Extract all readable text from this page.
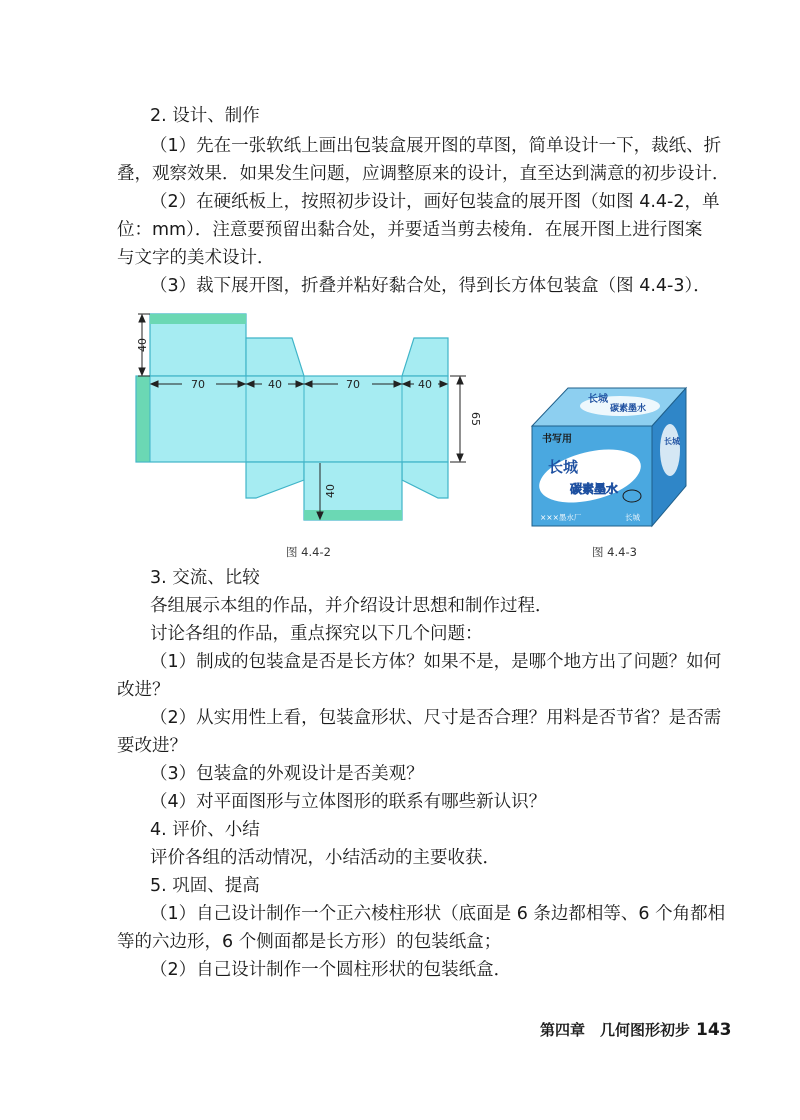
2. 设计、制作
（1）先在一张软纸上画出包装盒展开图的草图，简单设计一下，裁纸、折
叠，观察效果．如果发生问题，应调整原来的设计，直至达到满意的初步设计．
（2）在硬纸板上，按照初步设计，画好包装盒的展开图（如图 4.4-2，单
位：mm）．注意要预留出黏合处，并要适当剪去棱角．在展开图上进行图案
与文字的美术设计．
（3）裁下展开图，折叠并粘好黏合处，得到长方体包装盒（图 4.4-3）．
70	40	70	40
40
65
40
图 4.4-2
长城
碳素墨水
书写用
长城
碳素墨水
×××墨水厂	长城
长城
图 4.4-3
3. 交流、比较
各组展示本组的作品，并介绍设计思想和制作过程．
讨论各组的作品，重点探究以下几个问题：
（1）制成的包装盒是否是长方体？如果不是，是哪个地方出了问题？如何
改进？
（2）从实用性上看，包装盒形状、尺寸是否合理？用料是否节省？是否需
要改进？
（3）包装盒的外观设计是否美观？
（4）对平面图形与立体图形的联系有哪些新认识？
4. 评价、小结
评价各组的活动情况，小结活动的主要收获．
5. 巩固、提高
（1）自己设计制作一个正六棱柱形状（底面是 6 条边都相等、6 个角都相
等的六边形，6 个侧面都是长方形）的包装纸盒；
（2）自己设计制作一个圆柱形状的包装纸盒．
第四章　几何图形初步 143
